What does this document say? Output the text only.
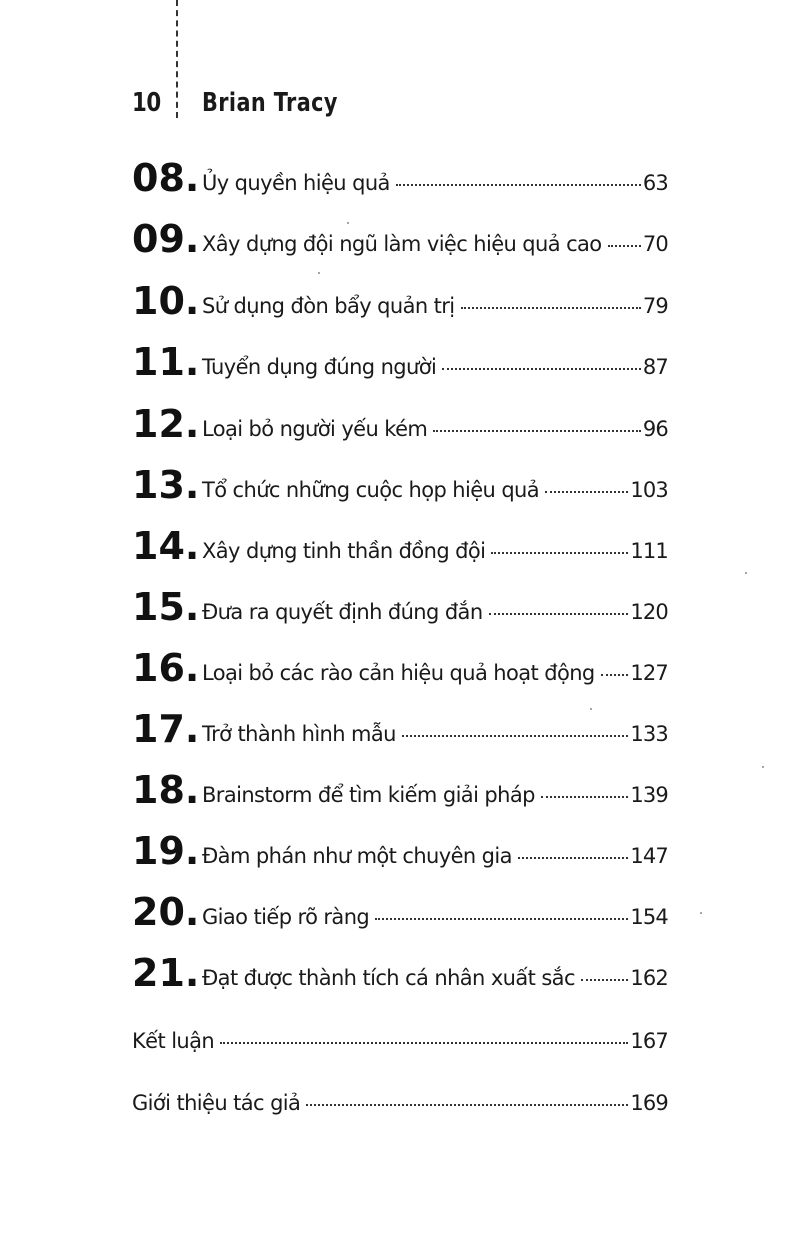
10 Brian Tracy
08. Ủy quyền hiệu quả	63
09. Xây dựng đội ngũ làm việc hiệu quả cao 70
10. Sử dụng đòn bẩy quản trị	79
11. Tuyển dụng đúng người	87
12. Loại bỏ người yếu kém	96
13. Tổ chức những cuộc họp hiệu quả	103
14. Xây dựng tinh thần đồng đội	111
15. Đưa ra quyết định đúng đắn	120
16. Loại bỏ các rào cản hiệu quả hoạt động 127
17. Trở thành hình mẫu	133
18. Brainstorm để tìm kiếm giải pháp	139
19. Đàm phán như một chuyên gia	147
20. Giao tiếp rõ ràng	154
21. Đạt được thành tích cá nhân xuất sắc	162
Kết luận	167
Giới thiệu tác giả	169
